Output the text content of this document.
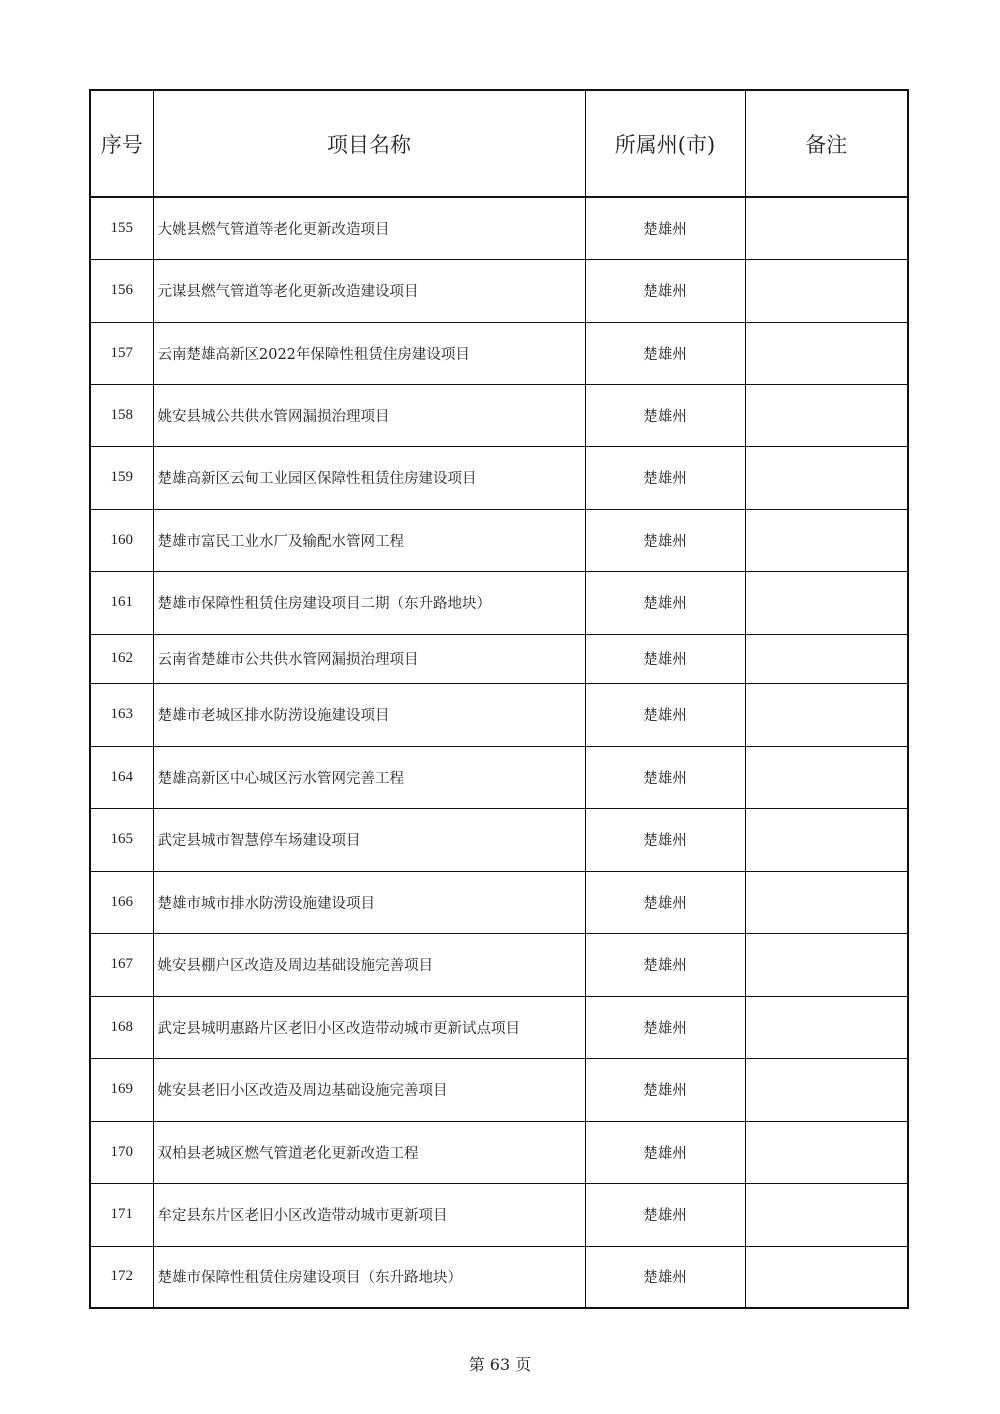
序号	项目名称	所属州(市)	备注
155	大姚县燃气管道等老化更新改造项目	楚雄州	
156	元谋县燃气管道等老化更新改造建设项目	楚雄州	
157	云南楚雄高新区2022年保障性租赁住房建设项目	楚雄州	
158	姚安县城公共供水管网漏损治理项目	楚雄州	
159	楚雄高新区云甸工业园区保障性租赁住房建设项目	楚雄州	
160	楚雄市富民工业水厂及输配水管网工程	楚雄州	
161	楚雄市保障性租赁住房建设项目二期（东升路地块）	楚雄州	
162	云南省楚雄市公共供水管网漏损治理项目	楚雄州	
163	楚雄市老城区排水防涝设施建设项目	楚雄州	
164	楚雄高新区中心城区污水管网完善工程	楚雄州	
165	武定县城市智慧停车场建设项目	楚雄州	
166	楚雄市城市排水防涝设施建设项目	楚雄州	
167	姚安县棚户区改造及周边基础设施完善项目	楚雄州	
168	武定县城明惠路片区老旧小区改造带动城市更新试点项目	楚雄州	
169	姚安县老旧小区改造及周边基础设施完善项目	楚雄州	
170	双柏县老城区燃气管道老化更新改造工程	楚雄州	
171	牟定县东片区老旧小区改造带动城市更新项目	楚雄州	
172	楚雄市保障性租赁住房建设项目（东升路地块）	楚雄州	
第 63 页
